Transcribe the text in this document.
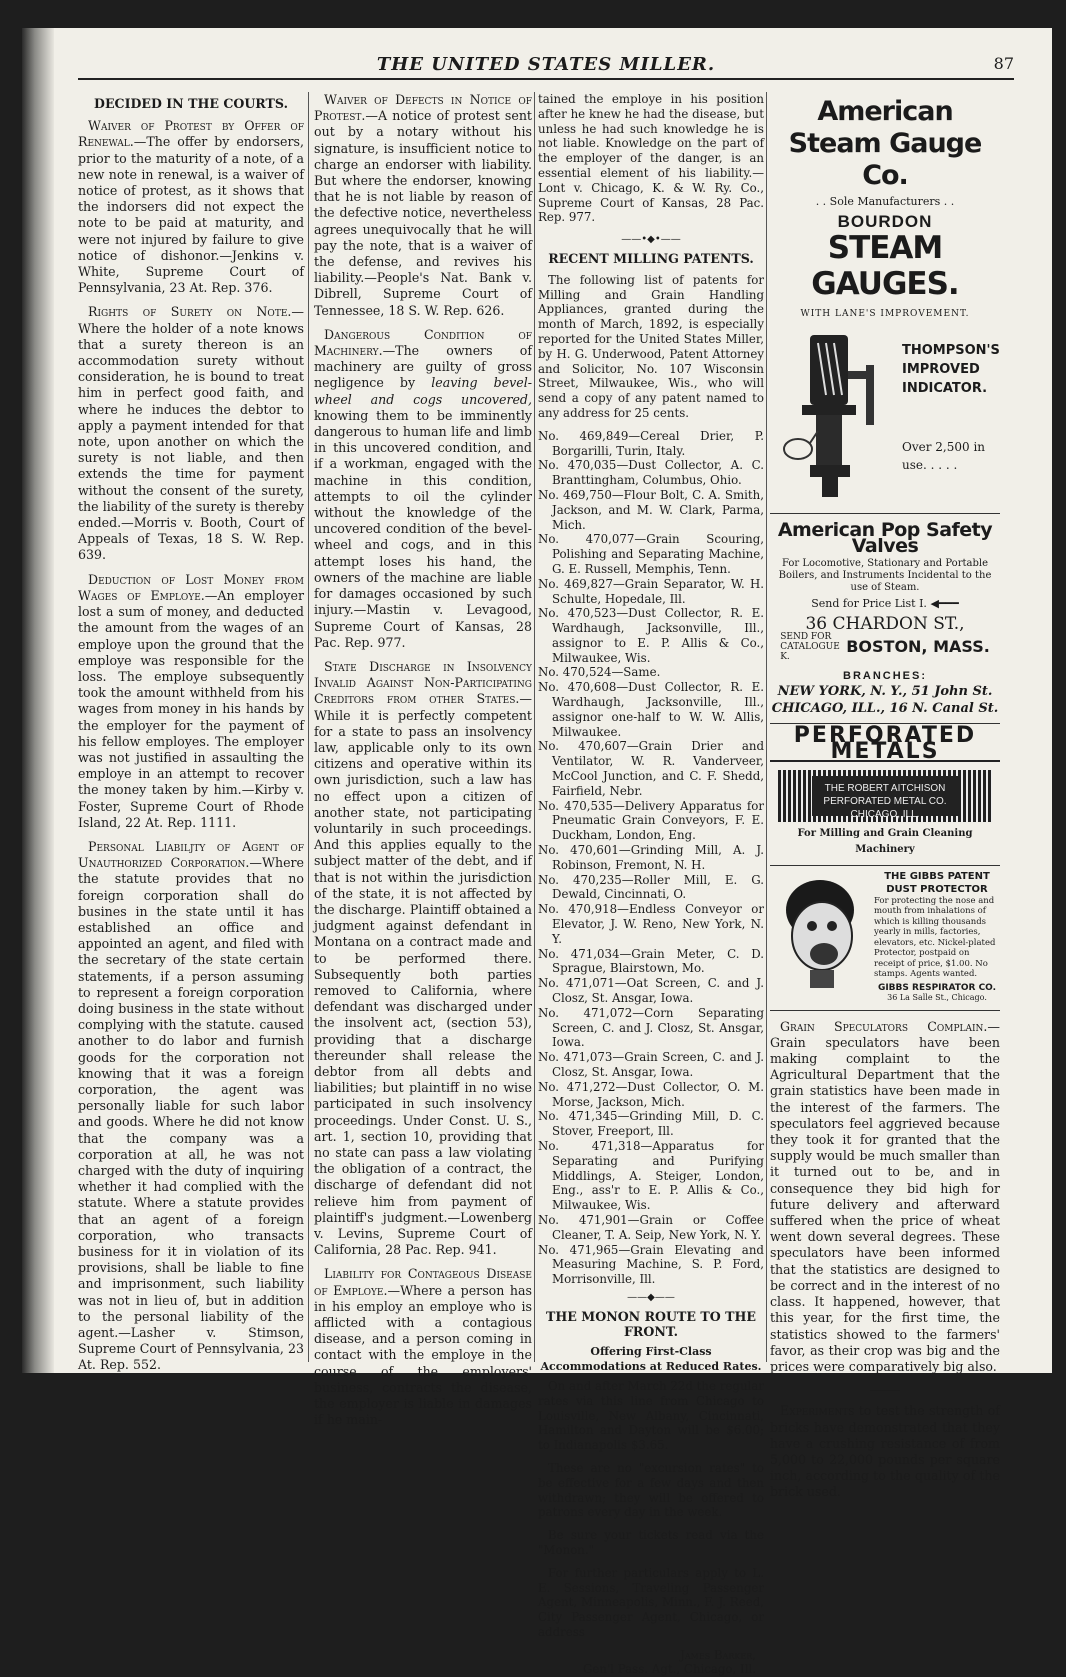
THE UNITED STATES MILLER.	87
DECIDED IN THE COURTS.

Waiver of Protest by Offer of Renewal.—The offer by endorsers, prior to the maturity of a note, of a new note in renewal, is a waiver of notice of protest, as it shows that the indorsers did not expect the note to be paid at maturity, and were not injured by failure to give notice of dishonor.—Jenkins v. White, Supreme Court of Pennsylvania, 23 At. Rep. 376.

Rights of Surety on Note.—Where the holder of a note knows that a surety thereon is an accommodation surety without consideration, he is bound to treat him in perfect good faith, and where he induces the debtor to apply a payment intended for that note, upon another on which the surety is not liable, and then extends the time for payment without the consent of the surety, the liability of the surety is thereby ended.—Morris v. Booth, Court of Appeals of Texas, 18 S. W. Rep. 639.

Deduction of Lost Money from Wages of Employe.—An employer lost a sum of money, and deducted the amount from the wages of an employe upon the ground that the employe was responsible for the loss. The employe subsequently took the amount withheld from his wages from money in his hands by the employer for the payment of his fellow employes. The employer was not justified in assaulting the employe in an attempt to recover the money taken by him.—Kirby v. Foster, Supreme Court of Rhode Island, 22 At. Rep. 1111.

Personal Liabiljty of Agent of Unauthorized Corporation.—Where the statute provides that no foreign corporation shall do busines in the state until it has established an office and appointed an agent, and filed with the secretary of the state certain statements, if a person assuming to represent a foreign corporation doing business in the state without complying with the statute. caused another to do labor and furnish goods for the corporation not knowing that it was a foreign corporation, the agent was personally liable for such labor and goods. Where he did not know that the company was a corporation at all, he was not charged with the duty of inquiring whether it had complied with the statute. Where a statute provides that an agent of a foreign corporation, who transacts business for it in violation of its provisions, shall be liable to fine and imprisonment, such liability was not in lieu of, but in addition to the personal liability of the agent.—Lasher v. Stimson, Supreme Court of Pennsylvania, 23 At. Rep. 552.

Waiver of Defects in Notice of Protest.—A notice of protest sent out by a notary without his signature, is insufficient notice to charge an endorser with liability. But where the endorser, knowing that he is not liable by reason of the defective notice, nevertheless agrees unequivocally that he will pay the note, that is a waiver of the defense, and revives his liability.—People's Nat. Bank v. Dibrell, Supreme Court of Tennessee, 18 S. W. Rep. 626.

Dangerous Condition of Machinery.—The owners of machinery are guilty of gross negligence by leaving bevel-wheel and cogs uncovered, knowing them to be imminently dangerous to human life and limb in this uncovered condition, and if a workman, engaged with the machine in this condition, attempts to oil the cylinder without the knowledge of the uncovered condition of the bevel-wheel and cogs, and in this attempt loses his hand, the owners of the machine are liable for damages occasioned by such injury.—Mastin v. Levagood, Supreme Court of Kansas, 28 Pac. Rep. 977.

State Discharge in Insolvency Invalid Against Non-Participating Creditors from other States.—While it is perfectly competent for a state to pass an insolvency law, applicable only to its own citizens and operative within its own jurisdiction, such a law has no effect upon a citizen of another state, not participating voluntarily in such proceedings. And this applies equally to the subject matter of the debt, and if that is not within the jurisdiction of the state, it is not affected by the discharge. Plaintiff obtained a judgment against defendant in Montana on a contract made and to be performed there. Subsequently both parties removed to California, where defendant was discharged under the insolvent act, (section 53), providing that a discharge thereunder shall release the debtor from all debts and liabilities; but plaintiff in no wise participated in such insolvency proceedings. Under Const. U. S., art. 1, section 10, providing that no state can pass a law violating the obligation of a contract, the discharge of defendant did not relieve him from payment of plaintiff's judgment.—Lowenberg v. Levins, Supreme Court of California, 28 Pac. Rep. 941.

Liability for Contageous Disease of Employe.—Where a person has in his employ an employe who is afflicted with a contagious disease, and a person coming in contact with the employe in the course of the employers' business, contracts the disease, the employer is liable in damages if he main-

tained the employe in his position after he knew he had the disease, but unless he had such knowledge he is not liable. Knowledge on the part of the employer of the danger, is an essential element of his liability.—Lont v. Chicago, K. & W. Ry. Co., Supreme Court of Kansas, 28 Pac. Rep. 977.

——•◆•——
RECENT MILLING PATENTS.

The following list of patents for Milling and Grain Handling Appliances, granted during the month of March, 1892, is especially reported for the United States Miller, by H. G. Underwood, Patent Attorney and Solicitor, No. 107 Wisconsin Street, Milwaukee, Wis., who will send a copy of any patent named to any address for 25 cents.

No. 469,849—Cereal Drier, P. Borgarilli, Turin, Italy.
No. 470,035—Dust Collector, A. C. Branttingham, Columbus, Ohio.
No. 469,750—Flour Bolt, C. A. Smith, Jackson, and M. W. Clark, Parma, Mich.
No. 470,077—Grain Scouring, Polishing and Separating Machine, G. E. Russell, Memphis, Tenn.
No. 469,827—Grain Separator, W. H. Schulte, Hopedale, Ill.
No. 470,523—Dust Collector, R. E. Wardhaugh, Jacksonville, Ill., assignor to E. P. Allis & Co., Milwaukee, Wis.
No. 470,524—Same.
No. 470,608—Dust Collector, R. E. Wardhaugh, Jacksonville, Ill., assignor one-half to W. W. Allis, Milwaukee.
No. 470,607—Grain Drier and Ventilator, W. R. Vanderveer, McCool Junction, and C. F. Shedd, Fairfield, Nebr.
No. 470,535—Delivery Apparatus for Pneumatic Grain Conveyors, F. E. Duckham, London, Eng.
No. 470,601—Grinding Mill, A. J. Robinson, Fremont, N. H.
No. 470,235—Roller Mill, E. G. Dewald, Cincinnati, O.
No. 470,918—Endless Conveyor or Elevator, J. W. Reno, New York, N. Y.
No. 471,034—Grain Meter, C. D. Sprague, Blairstown, Mo.
No. 471,071—Oat Screen, C. and J. Closz, St. Ansgar, Iowa.
No. 471,072—Corn Separating Screen, C. and J. Closz, St. Ansgar, Iowa.
No. 471,073—Grain Screen, C. and J. Closz, St. Ansgar, Iowa.
No. 471,272—Dust Collector, O. M. Morse, Jackson, Mich.
No. 471,345—Grinding Mill, D. C. Stover, Freeport, Ill.
No. 471,318—Apparatus for Separating and Purifying Middlings, A. Steiger, London, Eng., ass'r to E. P. Allis & Co., Milwaukee, Wis.
No. 471,901—Grain or Coffee Cleaner, T. A. Seip, New York, N. Y.
No. 471,965—Grain Elevating and Measuring Machine, S. P. Ford, Morrisonville, Ill.
——◆——
THE MONON ROUTE TO THE FRONT.
Offering First-Class Accommodations at Reduced Rates.

On and after March 22d the regular rates via this line from Chicago to Louisville, New Albany, Cincinnati, Hamilton and Dayton will be $6.00; to Indianapolis $3.65.

These are no "excursion rates" to be effective for a few days and then withdrawn; they will be offered to patrons every day in the week.

Be sure your tickets read via the "Monon."

For further particulars apply to L. E. Sessions, Traveling Passenger Agent, Minneapolis, Minn., F. J. Reed, City Passenger Agent, Chicago, or address

James Barker,

Gen'l Pass. Agt., Chicago, Ill.

American Steam Gauge Co.
. . Sole Manufacturers . .
BOURDON
STEAM GAUGES.
WITH LANE'S IMPROVEMENT.
THOMPSON'S IMPROVED INDICATOR.
Over 2,500 in use. . . . .
American Pop Safety Valves
For Locomotive, Stationary and Portable Boilers, and Instruments Incidental to the use of Steam.
Send for Price List I. ◀━━━
36 CHARDON ST.,
SEND FOR CATALOGUE K.
BOSTON, MASS.
BRANCHES:
NEW YORK, N. Y., 51 John St.
CHICAGO, ILL., 16 N. Canal St.
PERFORATED METALS
THE ROBERT AITCHISON PERFORATED METAL CO. CHICAGO, ILL.
For Milling and Grain Cleaning Machinery
THE GIBBS PATENT DUST PROTECTOR
For protecting the nose and mouth from inhalations of which is killing thousands yearly in mills, factories, elevators, etc. Nickel-plated Protector, postpaid on receipt of price, $1.00. No stamps. Agents wanted.
GIBBS RESPIRATOR CO.
36 La Salle St., Chicago.

Grain Speculators Complain.—Grain speculators have been making complaint to the Agricultural Department that the grain statistics have been made in the interest of the farmers. The speculators feel aggrieved because they took it for granted that the supply would be much smaller than it turned out to be, and in consequence they bid high for future delivery and afterward suffered when the price of wheat went down several degrees. These speculators have been informed that the statistics are designed to be correct and in the interest of no class. It happened, however, that this year, for the first time, the statistics showed to the farmers' favor, as their crop was big and the prices were comparatively big also.

———

Experiments to test the strength of bricks have demonstrated that they have a crushing resistance of from 5,000 to 22,000 pounds per square inch, according to the quality of the brick used.
